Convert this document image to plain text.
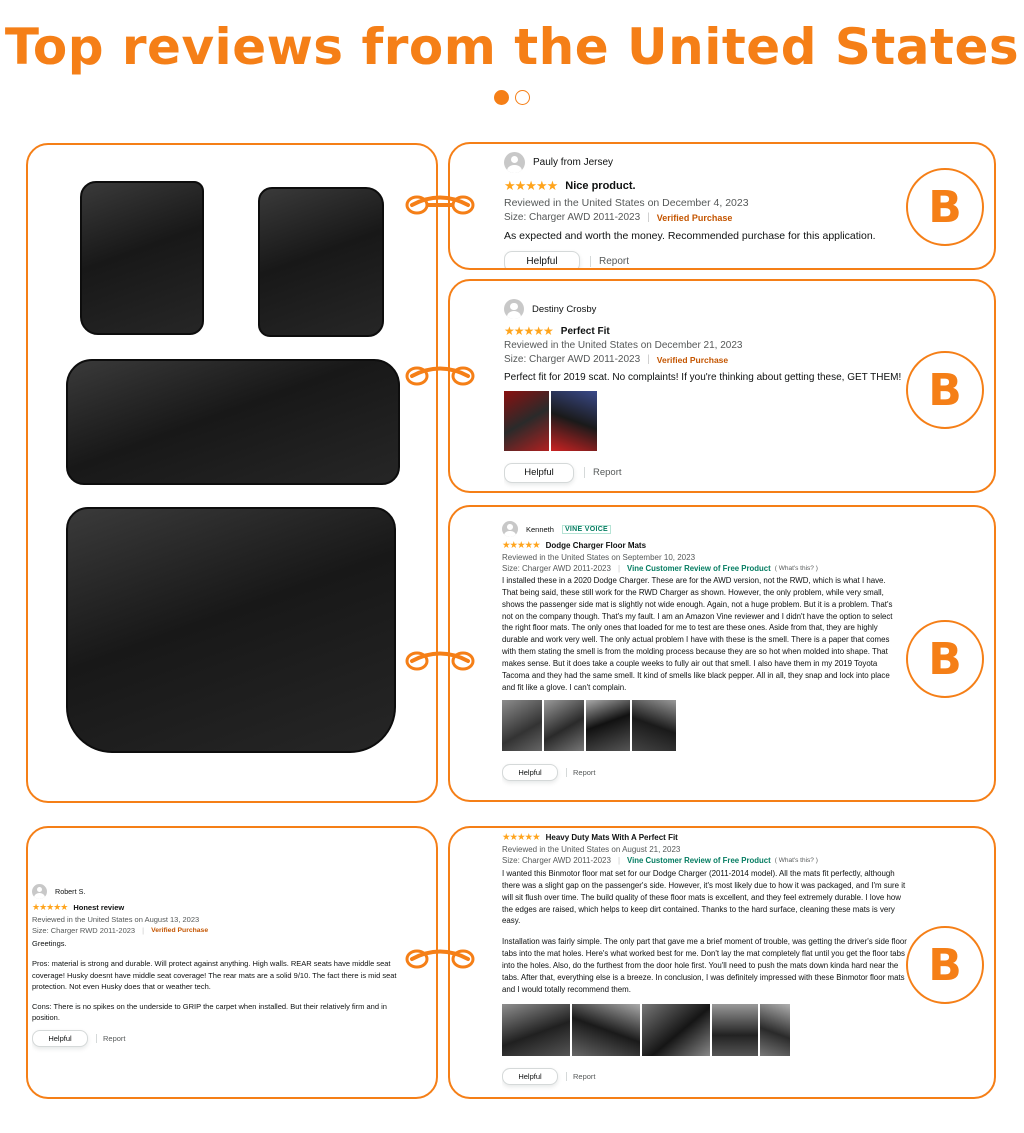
Top reviews from the United States
Pauly from Jersey
★★★★★ Nice product.
Reviewed in the United States on December 4, 2023
Size: Charger AWD 2011-2023 | Verified Purchase

As expected and worth the money. Recommended purchase for this application.

Helpful	Report
B
Destiny Crosby
★★★★★ Perfect Fit
Reviewed in the United States on December 21, 2023
Size: Charger AWD 2011-2023 | Verified Purchase

Perfect fit for 2019 scat. No complaints! If you're thinking about getting these, GET THEM!

Helpful	Report
B
Kenneth	VINE VOICE
★★★★★ Dodge Charger Floor Mats
Reviewed in the United States on September 10, 2023
Size: Charger AWD 2011-2023 | Vine Customer Review of Free Product ( What's this? )

I installed these in a 2020 Dodge Charger. These are for the AWD version, not the RWD, which is what I have. That being said, these still work for the RWD Charger as shown. However, the only problem, while very small, shows the passenger side mat is slightly not wide enough. Again, not a huge problem. But it is a problem. That's not on the company though. That's my fault. I am an Amazon Vine reviewer and I didn't have the option to select the right floor mats. The only ones that loaded for me to test are these ones. Aside from that, they are highly durable and work very well. The only actual problem I have with these is the smell. There is a paper that comes with them stating the smell is from the molding process because they are so hot when molded into shape. That makes sense. But it does take a couple weeks to fully air out that smell. I also have them in my 2019 Toyota Tacoma and they had the same smell. It kind of smells like black pepper. All in all, they snap and lock into place and fit like a glove. I can't complain.

Helpful	Report
B
Robert S.
★★★★★ Honest review
Reviewed in the United States on August 13, 2023
Size: Charger RWD 2011-2023 | Verified Purchase

Greetings.

Pros: material is strong and durable. Will protect against anything. High walls. REAR seats have middle seat coverage! Husky doesnt have middle seat coverage! The rear mats are a solid 9/10. The fact there is mid seat protection. Not even Husky does that or weather tech.

Cons: There is no spikes on the underside to GRIP the carpet when installed. But their relatively firm and in position.

Helpful	Report
★★★★★ Heavy Duty Mats With A Perfect Fit
Reviewed in the United States on August 21, 2023
Size: Charger AWD 2011-2023 | Vine Customer Review of Free Product ( What's this? )

I wanted this Binmotor floor mat set for our Dodge Charger (2011-2014 model). All the mats fit perfectly, although there was a slight gap on the passenger's side. However, it's most likely due to how it was packaged, and I'm sure it will sit flush over time. The build quality of these floor mats is excellent, and they feel extremely durable. I love how the edges are raised, which helps to keep dirt contained. Thanks to the hard surface, cleaning these mats is very easy.

Installation was fairly simple. The only part that gave me a brief moment of trouble, was getting the driver's side floor tabs into the mat holes. Here's what worked best for me. Don't lay the mat completely flat until you get the floor tabs into the holes. Also, do the furthest from the door hole first. You'll need to push the mats down kinda hard near the tabs. After that, everything else is a breeze. In conclusion, I was definitely impressed with these Binmotor floor mats and I would totally recommend them.

Helpful	Report
B
